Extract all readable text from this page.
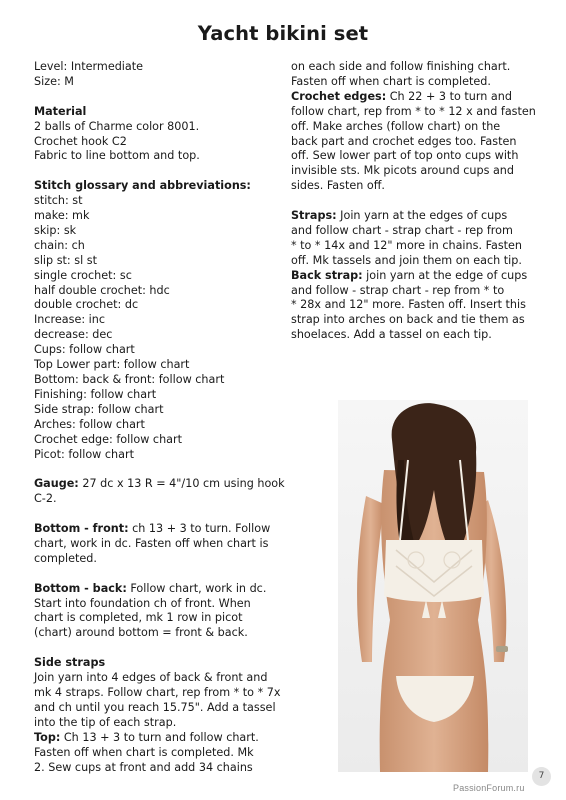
Yacht bikini set
Level: Intermediate
Size: M
Material
2 balls of Charme color 8001.
Crochet hook C2
Fabric to line bottom and top.
Stitch glossary and abbreviations:
stitch: st
make: mk
skip: sk
chain: ch
slip st: sl st
single crochet: sc
half double crochet: hdc
double crochet: dc
Increase: inc
decrease: dec
Cups: follow chart
Top Lower part: follow chart
Bottom: back & front: follow chart
Finishing: follow chart
Side strap: follow chart
Arches: follow chart
Crochet edge: follow chart
Picot: follow chart
Gauge: 27 dc x 13 R = 4"/10 cm using hook
C-2.
Bottom - front: ch 13 + 3 to turn. Follow
chart, work in dc. Fasten off when chart is
completed.
Bottom - back: Follow chart, work in dc.
Start into foundation ch of front. When
chart is completed, mk 1 row in picot
(chart) around bottom = front & back.
Side straps
Join yarn into 4 edges of back & front and
mk 4 straps. Follow chart, rep from * to * 7x
and ch until you reach 15.75". Add a tassel
into the tip of each strap.
Top: Ch 13 + 3 to turn and follow chart.
Fasten off when chart is completed. Mk
2. Sew cups at front and add 34 chains
on each side and follow finishing chart.
Fasten off when chart is completed.
Crochet edges: Ch 22 + 3 to turn and
follow chart, rep from * to * 12 x and fasten
off. Make arches (follow chart) on the
back part and crochet edges too. Fasten
off. Sew lower part of top onto cups with
invisible sts. Mk picots around cups and
sides. Fasten off.
Straps: Join yarn at the edges of cups
and follow chart - strap chart - rep from
* to * 14x and 12" more in chains. Fasten
off. Mk tassels and join them on each tip.
Back strap: join yarn at the edge of cups
and follow - strap chart - rep from * to
* 28x and 12" more. Fasten off. Insert this
strap into arches on back and tie them as
shoelaces. Add a tassel on each tip.
7
PassionForum.ru
